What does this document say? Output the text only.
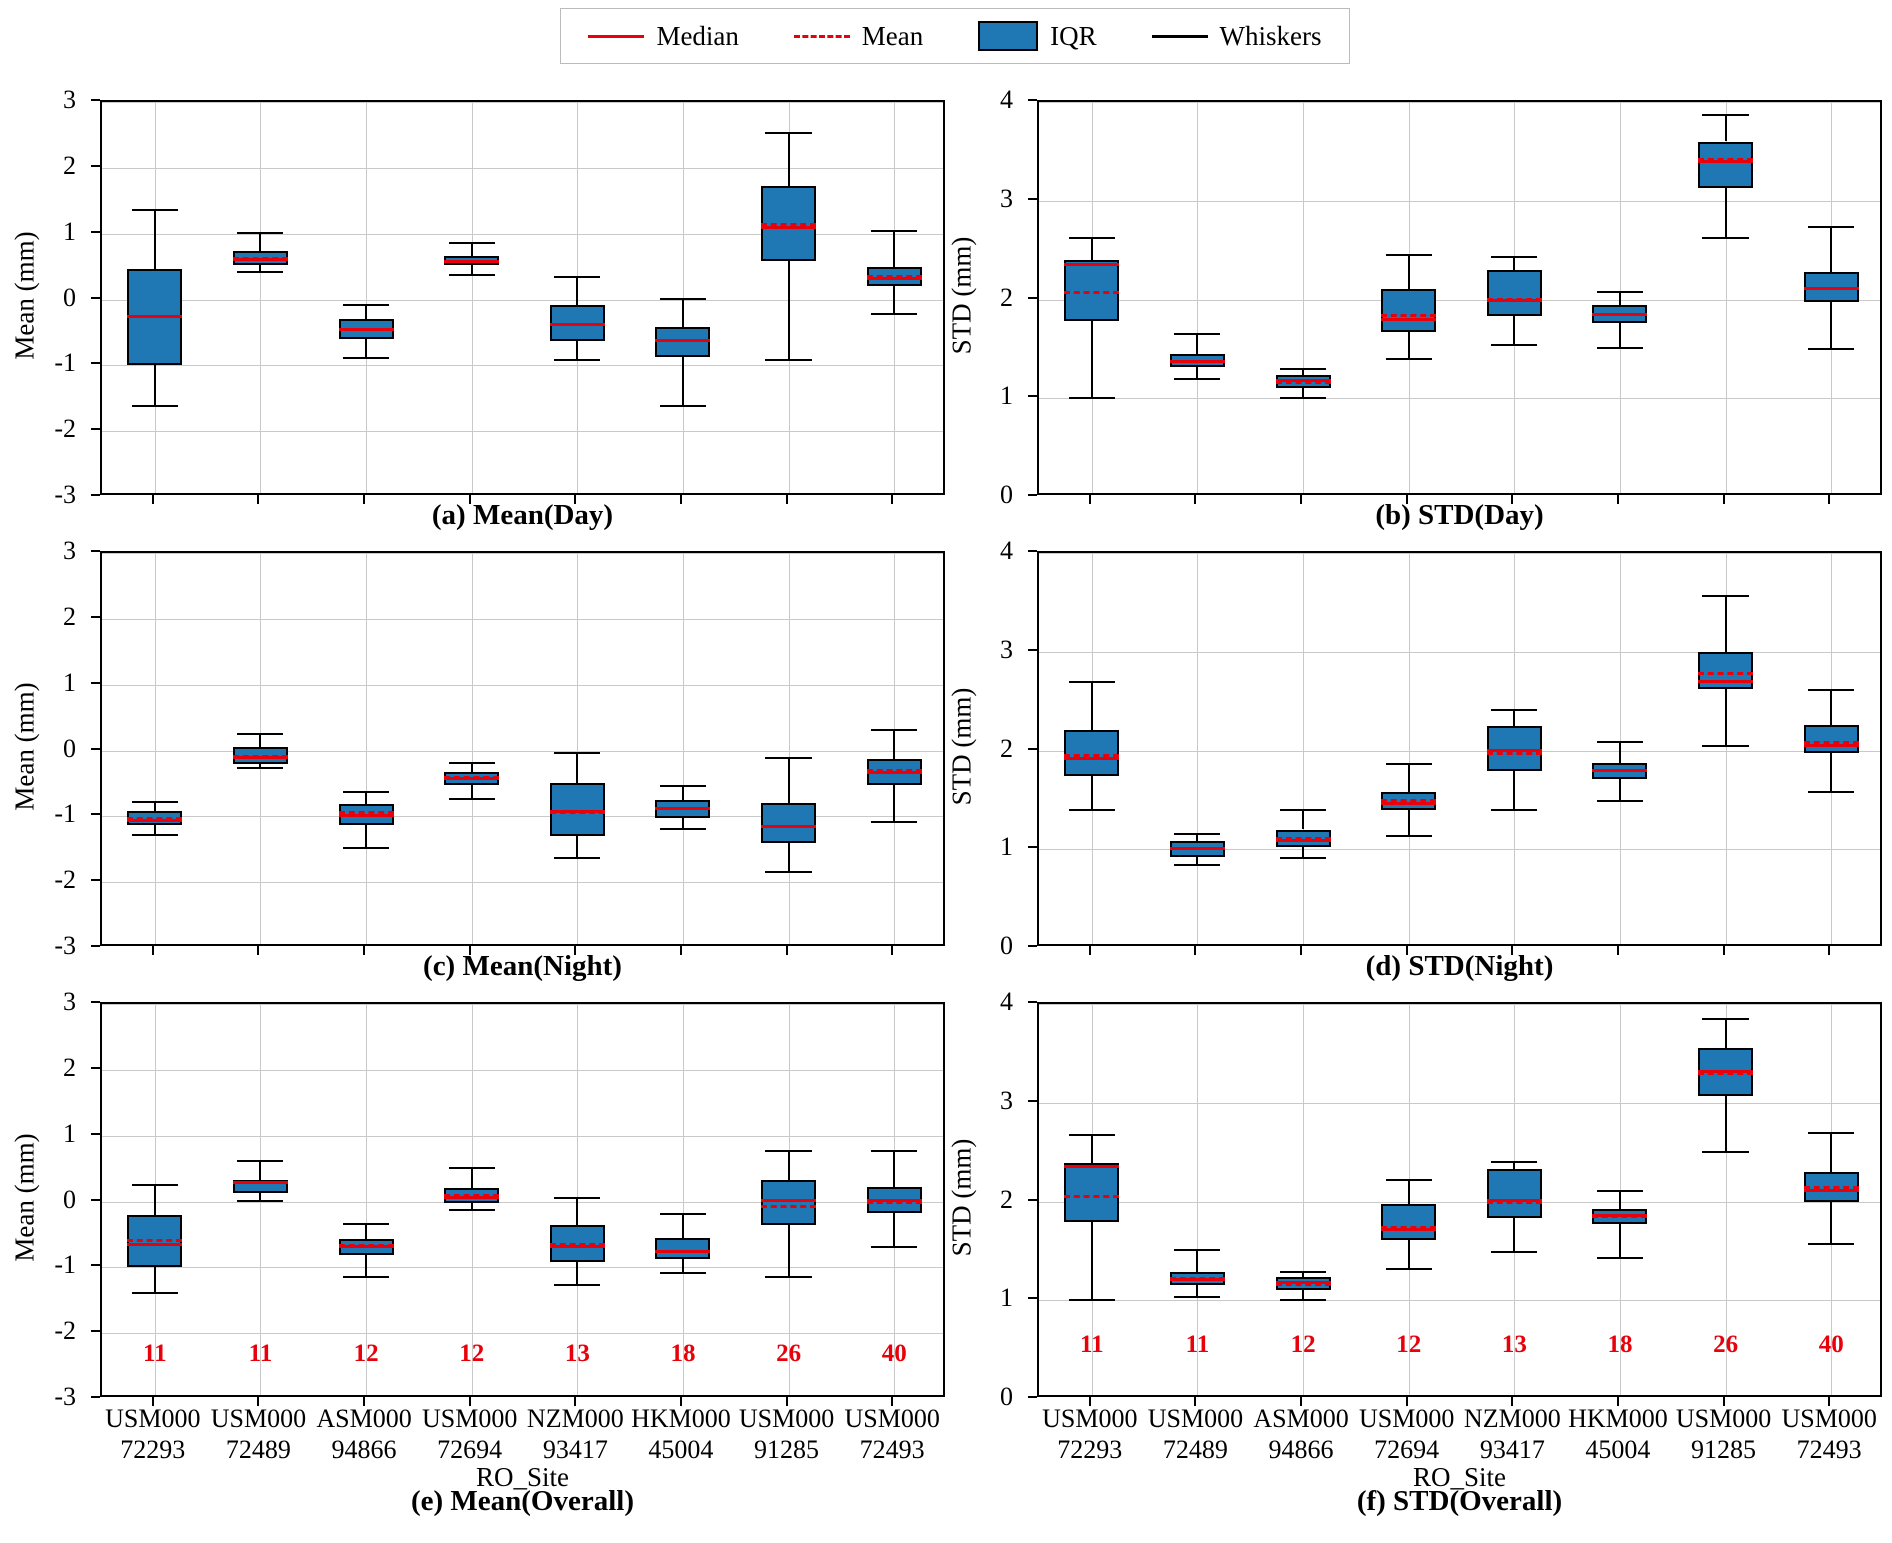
Median	Mean	IQR	Whiskers
-3
-2
-1
0
1
2
3
Mean (mm)
(a) Mean(Day)
0
1
2
3
4
STD (mm)
(b) STD(Day)
-3
-2
-1
0
1
2
3
Mean (mm)
(c) Mean(Night)
0
1
2
3
4
STD (mm)
(d) STD(Night)
11	11	12	12	13	18	26	40
-3
-2
-1
0
1
2
3
Mean (mm)
USM000
72293
USM000
72489
ASM000
94866
USM000
72694
NZM000
93417
HKM000
45004
USM000
91285
USM000
72493
RO_Site
(e) Mean(Overall)
11	11	12	12	13	18	26	40
0
1
2
3
4
STD (mm)
USM000
72293
USM000
72489
ASM000
94866
USM000
72694
NZM000
93417
HKM000
45004
USM000
91285
USM000
72493
RO_Site
(f) STD(Overall)
